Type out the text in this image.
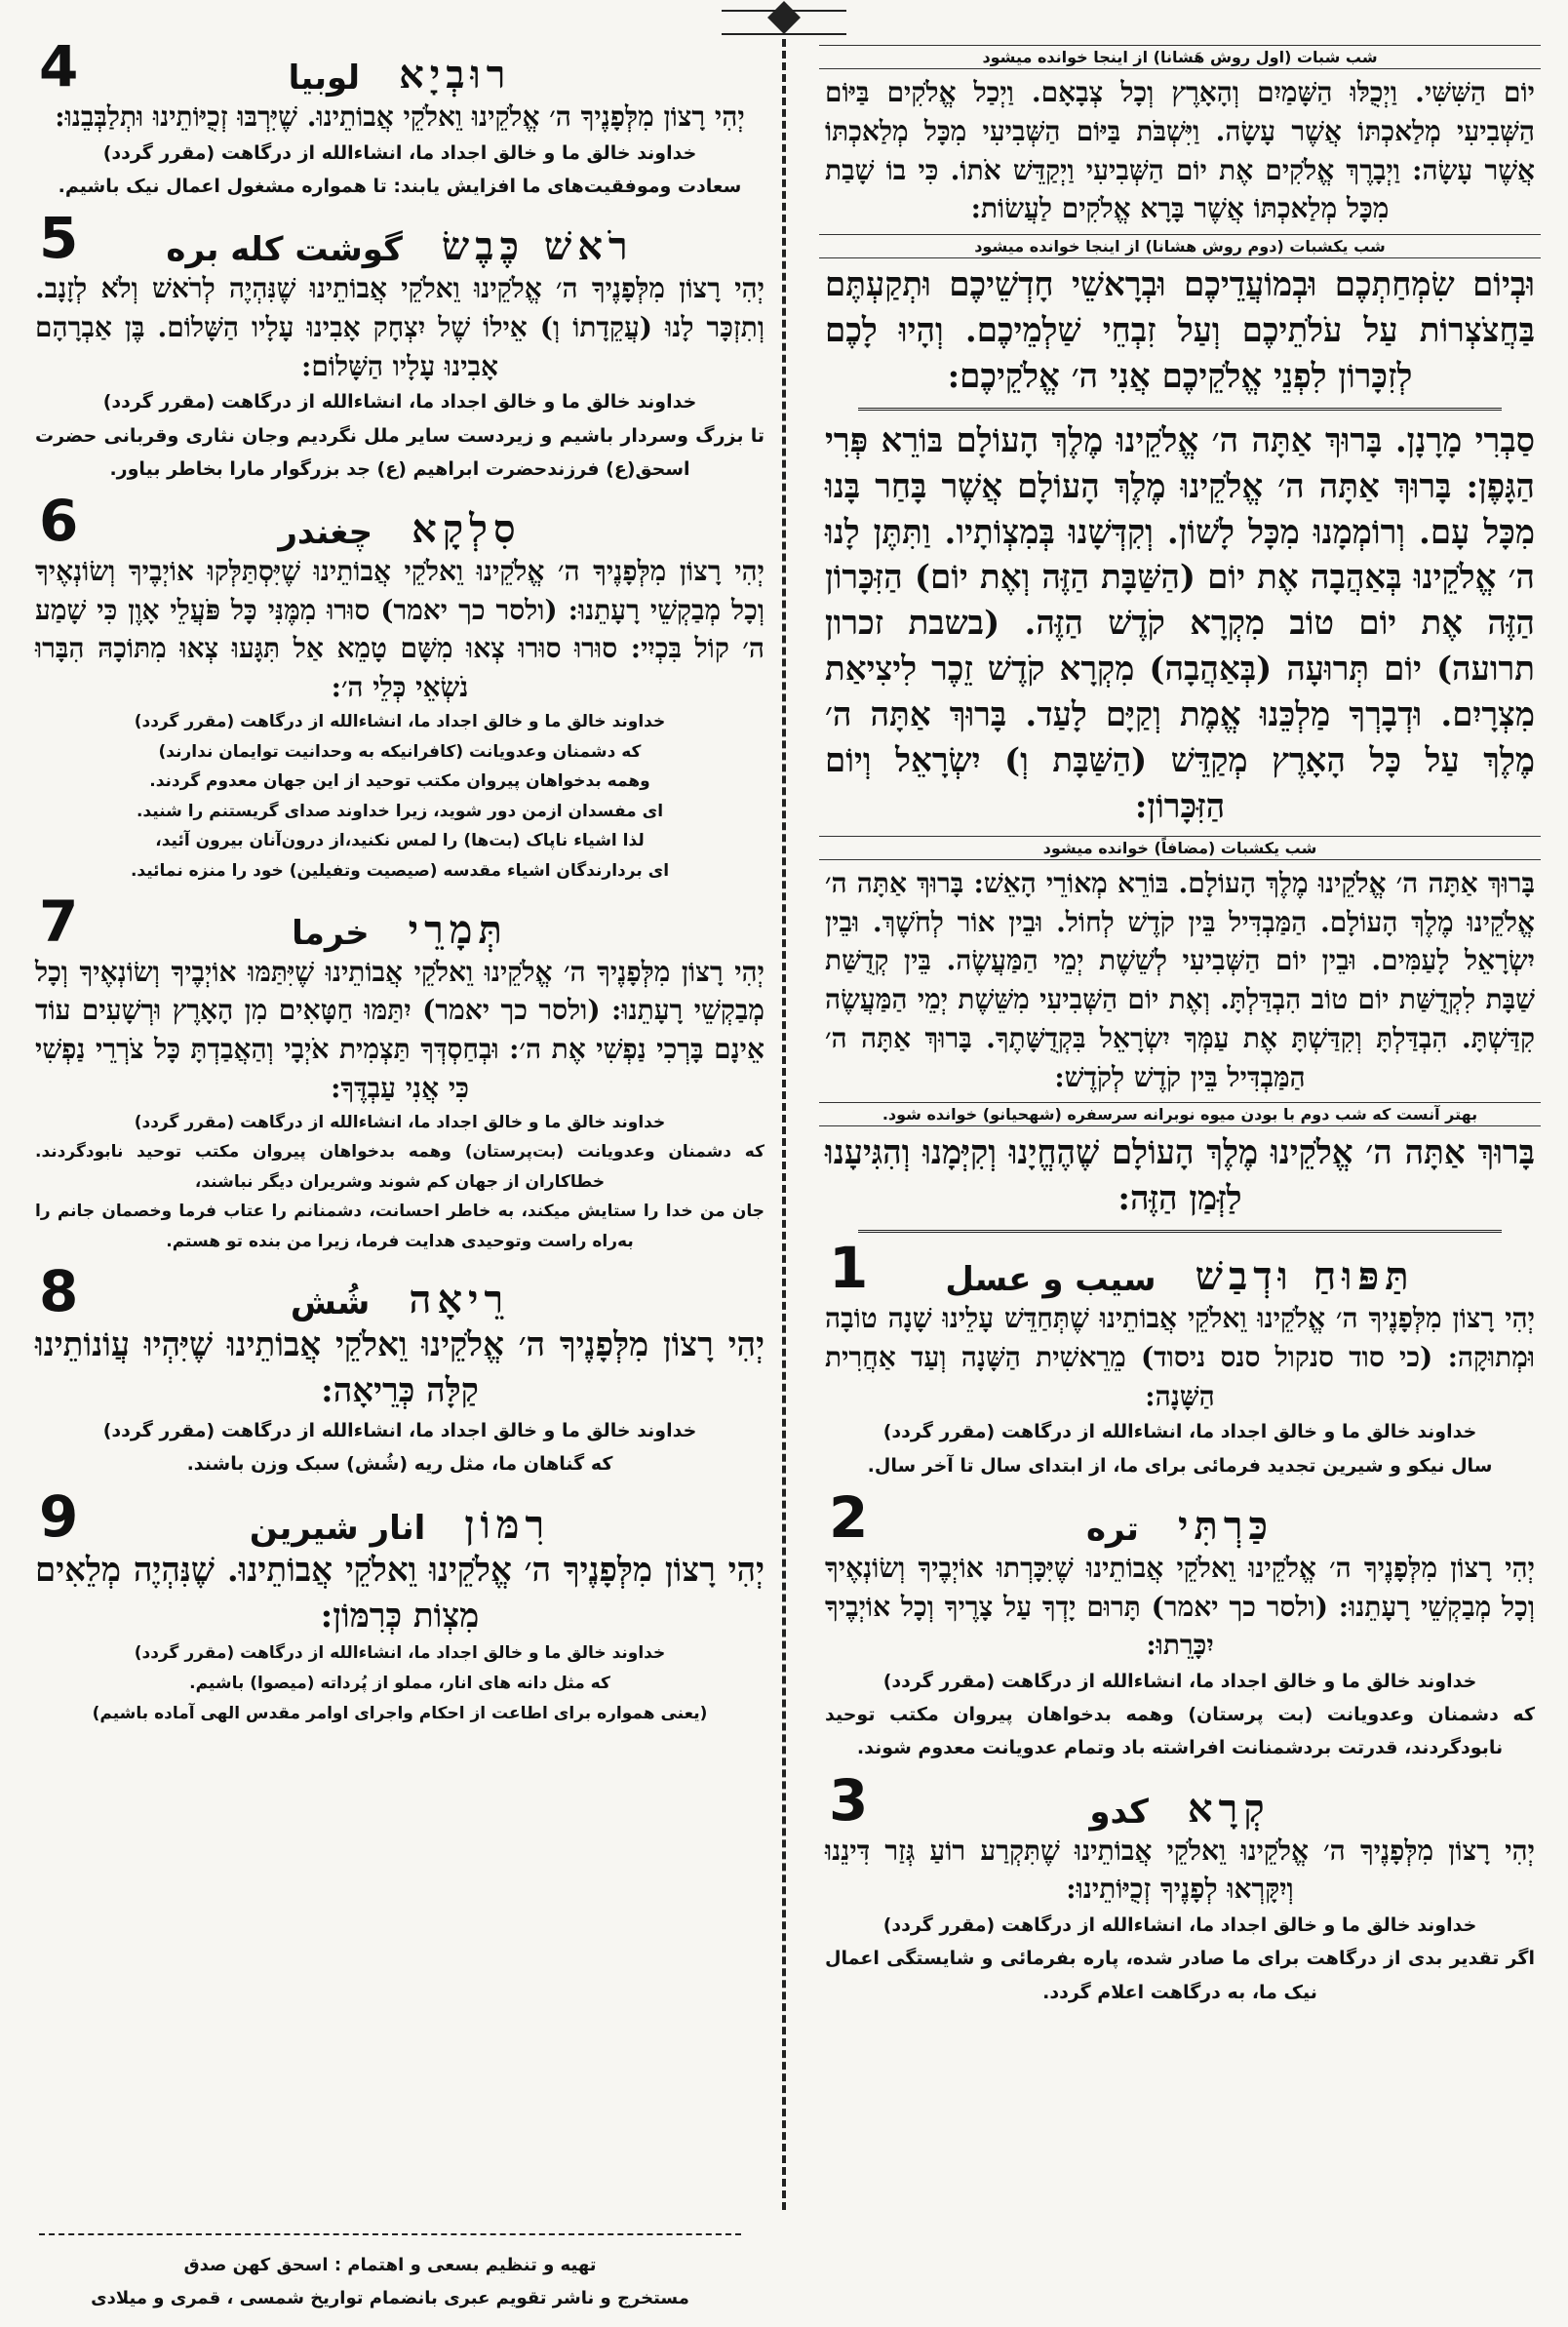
شب شبات (اول روش هَشانا) از اینجا خوانده میشود
יוֹם הַשִּׁשִּׁי. וַיְכֻלּוּ הַשָּׁמַיִם וְהָאָרֶץ וְכָל צְבָאָם. וַיְכַל אֱלֹקִים בַּיּוֹם הַשְּׁבִיעִי מְלַאכְתּוֹ אֲשֶׁר עָשָׂה. וַיִּשְׁבֹּת בַּיּוֹם הַשְּׁבִיעִי מִכָּל מְלַאכְתּוֹ אֲשֶׁר עָשָׂה: וַיְבָרֶךְ אֱלֹקִים אֶת יוֹם הַשְּׁבִיעִי וַיְקַדֵּשׁ אֹתוֹ. כִּי בוֹ שָׁבַת מִכָּל מְלַאכְתּוֹ אֲשֶׁר בָּרָא אֱלֹקִים לַעֲשׂוֹת:
شب یکشبات (دوم روش هشانا) از اینجا خوانده میشود
וּבְיוֹם שִׂמְחַתְכֶם וּבְמוֹעֲדֵיכֶם וּבְרָאשֵׁי חָדְשֵׁיכֶם וּתְקַעְתֶּם בַּחֲצֹצְרוֹת עַל עֹלֹתֵיכֶם וְעַל זִבְחֵי שַׁלְמֵיכֶם. וְהָיוּ לָכֶם לְזִכָּרוֹן לִפְנֵי אֱלֹקֵיכֶם אֲנִי ה׳ אֱלֹקֵיכֶם:
סַבְרִי מָרָנָן. בָּרוּךְ אַתָּה ה׳ אֱלֹקֵינוּ מֶלֶךְ הָעוֹלָם בּוֹרֵא פְּרִי הַגָּפֶן: בָּרוּךְ אַתָּה ה׳ אֱלֹקֵינוּ מֶלֶךְ הָעוֹלָם אֲשֶׁר בָּחַר בָּנוּ מִכָּל עָם. וְרוֹמְמָנוּ מִכָּל לָשׁוֹן. וְקִדְּשָׁנוּ בְּמִצְוֹתָיו. וַתִּתֶּן לָנוּ ה׳ אֱלֹקֵינוּ בְּאַהֲבָה אֶת יוֹם (הַשַּׁבָּת הַזֶּה וְאֶת יוֹם) הַזִּכָּרוֹן הַזֶּה אֶת יוֹם טוֹב מִקְרָא קֹדֶשׁ הַזֶּה. (בשבת זכרון תרועה) יוֹם תְּרוּעָה (בְּאַהֲבָה) מִקְרָא קֹדֶשׁ זֵכֶר לִיצִיאַת מִצְרָיִם. וּדְבָרְךָ מַלְכֵּנוּ אֱמֶת וְקַיָּם לָעַד. בָּרוּךְ אַתָּה ה׳ מֶלֶךְ עַל כָּל הָאָרֶץ מְקַדֵּשׁ (הַשַּׁבָּת וְ) יִשְׂרָאֵל וְיוֹם הַזִּכָּרוֹן:
شب یکشبات (مضافاً) خوانده میشود
בָּרוּךְ אַתָּה ה׳ אֱלֹקֵינוּ מֶלֶךְ הָעוֹלָם. בּוֹרֵא מְאוֹרֵי הָאֵשׁ: בָּרוּךְ אַתָּה ה׳ אֱלֹקֵינוּ מֶלֶךְ הָעוֹלָם. הַמַּבְדִּיל בֵּין קֹדֶשׁ לְחוֹל. וּבֵין אוֹר לְחֹשֶׁךְ. וּבֵין יִשְׂרָאֵל לָעַמִּים. וּבֵין יוֹם הַשְּׁבִיעִי לְשֵׁשֶׁת יְמֵי הַמַּעֲשֶׂה. בֵּין קְדֻשַּׁת שַׁבָּת לִקְדֻשַּׁת יוֹם טוֹב הִבְדַּלְתָּ. וְאֶת יוֹם הַשְּׁבִיעִי מִשֵּׁשֶׁת יְמֵי הַמַּעֲשֶׂה קִדַּשְׁתָּ. הִבְדַּלְתָּ וְקִדַּשְׁתָּ אֶת עַמְּךָ יִשְׂרָאֵל בִּקְדֻשָּׁתֶךָ. בָּרוּךְ אַתָּה ה׳ הַמַּבְדִּיל בֵּין קֹדֶשׁ לְקֹדֶשׁ:
بهتر آنست که شب دوم با بودن میوه نوبرانه سرسفره (شهحیانو) خوانده شود.
בָּרוּךְ אַתָּה ה׳ אֱלֹקֵינוּ מֶלֶךְ הָעוֹלָם שֶׁהֶחֱיָנוּ וְקִיְּמָנוּ וְהִגִּיעָנוּ לַזְּמַן הַזֶּה:
1	תַּפּוּחַ וּדְבַשׁ
سیب و عسل
יְהִי רָצוֹן מִלְּפָנֶיךָ ה׳ אֱלֹקֵינוּ וֵאלֹקֵי אֲבוֹתֵינוּ שֶׁתְּחַדֵּשׁ עָלֵינוּ שָׁנָה טוֹבָה וּמְתוּקָה: (כי סוד סנקול סנס ניסוד) מֵרֵאשִׁית הַשָּׁנָה וְעַד אַחֲרִית הַשָּׁנָה:
خداوند خالق ما و خالق اجداد ما، انشاءالله از درگاهت (مقرر گردد)
سال نیکو و شیرین تجدید فرمائی برای ما، از ابتدای سال تا آخر سال.
2	כַּרְתִּי
تره
יְהִי רָצוֹן מִלְּפָנֶיךָ ה׳ אֱלֹקֵינוּ וֵאלֹקֵי אֲבוֹתֵינוּ שֶׁיִּכָּרְתוּ אוֹיְבֶיךָ וְשׂוֹנְאֶיךָ וְכָל מְבַקְשֵׁי רָעָתֵנוּ: (ולסר כך יאמר) תָּרוּם יָדְךָ עַל צָרֶיךָ וְכָל אוֹיְבֶיךָ יִכָּרֵתוּ:
خداوند خالق ما و خالق اجداد ما، انشاءالله از درگاهت (مقرر گردد)
که دشمنان وعدویانت (بت پرستان) وهمه بدخواهان پیروان مکتب توحید نابودگردند، قدرتت بردشمنانت افراشته باد وتمام عدویانت معدوم شوند.
3	קְרָא
کدو
יְהִי רָצוֹן מִלְּפָנֶיךָ ה׳ אֱלֹקֵינוּ וֵאלֹקֵי אֲבוֹתֵינוּ שֶׁתִּקְרַע רוֹעַ גְּזַר דִּינֵנוּ וְיִקָּרְאוּ לְפָנֶיךָ זְכֻיּוֹתֵינוּ:
خداوند خالق ما و خالق اجداد ما، انشاءالله از درگاهت (مقرر گردد)
اگر تقدیر بدی از درگاهت برای ما صادر شده، پاره بفرمائی و شایستگی اعمال نیک ما، به درگاهت اعلام گردد.
4	רוּבְיָא
لوبیا
יְהִי רָצוֹן מִלְּפָנֶיךָ ה׳ אֱלֹקֵינוּ וֵאלֹקֵי אֲבוֹתֵינוּ. שֶׁיִּרְבּוּ זְכֻיּוֹתֵינוּ וּתְלַבְּבֵנוּ:
خداوند خالق ما و خالق اجداد ما، انشاءالله از درگاهت (مقرر گردد)
سعادت وموفقیت‌های ما افزایش یابند: تا همواره مشغول اعمال نیک باشیم.
5	רֹאשׁ כֶּבֶשׂ
گوشت کله بره
יְהִי רָצוֹן מִלְּפָנֶיךָ ה׳ אֱלֹקֵינוּ וֵאלֹקֵי אֲבוֹתֵינוּ שֶׁנִּהְיֶה לְרֹאשׁ וְלֹא לְזָנָב. וְתִזְכָּר לָנוּ (עֲקֵדָתוֹ וְ) אֵילוֹ שֶׁל יִצְחָק אָבִינוּ עָלָיו הַשָּׁלוֹם. בֶּן אַבְרָהָם אָבִינוּ עָלָיו הַשָּׁלוֹם:
خداوند خالق ما و خالق اجداد ما، انشاءالله از درگاهت (مقرر گردد)
تا بزرگ وسردار باشیم و زیردست سایر ملل نگردیم وجان نثاری وقربانی حضرت اسحق(ع) فرزندحضرت ابراهیم (ع) جد بزرگوار مارا بخاطر بیاور.
6	סִלְקָא
چغندر
יְהִי רָצוֹן מִלְּפָנֶיךָ ה׳ אֱלֹקֵינוּ וֵאלֹקֵי אֲבוֹתֵינוּ שֶׁיִּסְתַּלְּקוּ אוֹיְבֶיךָ וְשׂוֹנְאֶיךָ וְכָל מְבַקְשֵׁי רָעָתֵנוּ: (ולסר כך יאמר) סוּרוּ מִמֶּנִּי כָּל פֹּעֲלֵי אָוֶן כִּי שָׁמַע ה׳ קוֹל בִּכְיִי: סוּרוּ סוּרוּ צְאוּ מִשָּׁם טָמֵא אַל תִּגָּעוּ צְאוּ מִתּוֹכָהּ הִבָּרוּ נֹשְׂאֵי כְּלֵי ה׳:
خداوند خالق ما و خالق اجداد ما، انشاءالله از درگاهت (مقرر گردد)
که دشمنان وعدویانت (کافرانیکه به وحدانیت توایمان ندارند)
وهمه بدخواهان پیروان مکتب توحید از این جهان معدوم گردند.
ای مفسدان ازمن دور شوید، زیرا خداوند صدای گریستنم را شنید.
لذا اشیاء ناپاک (بت‌ها) را لمس نکنید،از درون‌آنان بیرون آئید،
ای بردارندگان اشیاء مقدسه (صیصیت وتفیلین) خود را منزه نمائید.
7	תְּמָרֵי
خرما
יְהִי רָצוֹן מִלְּפָנֶיךָ ה׳ אֱלֹקֵינוּ וֵאלֹקֵי אֲבוֹתֵינוּ שֶׁיִּתַּמּוּ אוֹיְבֶיךָ וְשׂוֹנְאֶיךָ וְכָל מְבַקְשֵׁי רָעָתֵנוּ: (ולסר כך יאמר) יִתַּמּוּ חַטָּאִים מִן הָאָרֶץ וּרְשָׁעִים עוֹד אֵינָם בָּרְכִי נַפְשִׁי אֶת ה׳: וּבְחַסְדְּךָ תַּצְמִית אֹיְבָי וְהַאֲבַדְתָּ כָּל צֹרְרֵי נַפְשִׁי כִּי אֲנִי עַבְדֶּךָ:
خداوند خالق ما و خالق اجداد ما، انشاءالله از درگاهت (مقرر گردد)
که دشمنان وعدویانت (بت‌پرستان) وهمه بدخواهان پیروان مکتب توحید نابودگردند. خطاکاران از جهان کم شوند وشریران دیگر نباشند،
جان من خدا را ستایش میکند، به خاطر احسانت، دشمنانم را عتاب فرما وخصمان جانم را به‌راه راست وتوحیدی هدایت فرما، زیرا من بنده‌ تو هستم.
8	רֵיאָה
شُش
יְהִי רָצוֹן מִלְּפָנֶיךָ ה׳ אֱלֹקֵינוּ וֵאלֹקֵי אֲבוֹתֵינוּ שֶׁיִּהְיוּ עֲוֹנוֹתֵינוּ קַלָּה כְּרֵיאָה:
خداوند خالق ما و خالق اجداد ما، انشاءالله از درگاهت (مقرر گردد)
که گناهان ما، مثل ریه (شُش) سبک وزن باشند.
9	רִמּוֹן
انار شیرین
יְהִי רָצוֹן מִלְּפָנֶיךָ ה׳ אֱלֹקֵינוּ וֵאלֹקֵי אֲבוֹתֵינוּ. שֶׁנִּהְיֶה מְלֵאִים מִצְוֹת כְּרִמּוֹן:
خداوند خالق ما و خالق اجداد ما، انشاءالله از درگاهت (مقرر گردد)
که مثل دانه های انار، مملو از پُرداته (میصوا) باشیم.
(یعنی همواره برای اطاعت از احکام واجرای اوامر مقدس الهی آماده باشیم)
تهیه و تنظیم بسعی و اهتمام : اسحق کهن صدق
مستخرج و ناشر تقویم عبری بانضمام تواریخ شمسی ، قمری و میلادی
